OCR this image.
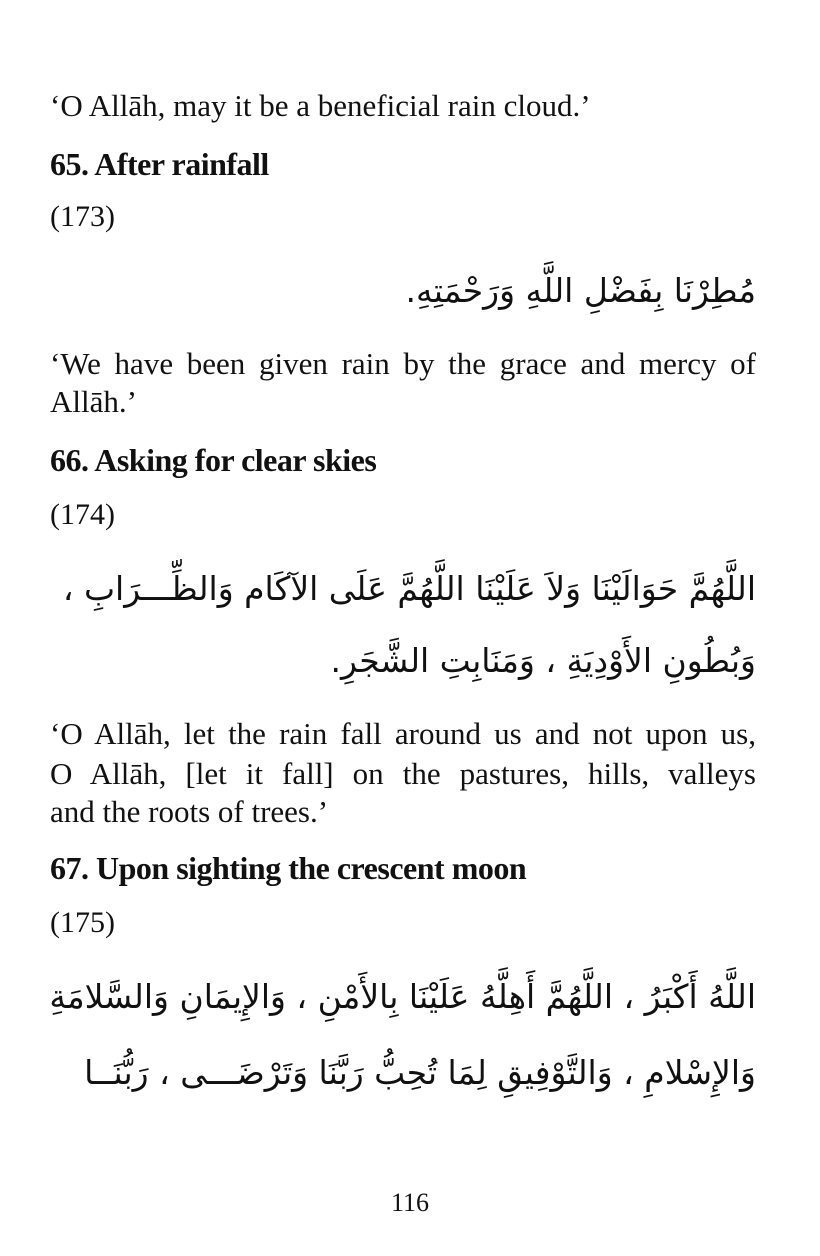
‘O Allāh, may it be a beneficial rain cloud.’

65. After rainfall

(173)

مُطِرْنَا بِفَضْلِ اللَّهِ وَرَحْمَتِهِ.

‘We have been given rain by the grace and mercy of

Allāh.’

66. Asking for clear skies

(174)

اللَّهُمَّ حَوَالَيْنَا وَلاَ عَلَيْنَا اللَّهُمَّ عَلَى الآكَام وَالظِّـــرَابِ ،

وَبُطُونِ الأَوْدِيَةِ ، وَمَنَابِتِ الشَّجَرِ.

‘O Allāh, let the rain fall around us and not upon us,

O Allāh, [let it fall] on the pastures, hills, valleys

and the roots of trees.’

67. Upon sighting the crescent moon

(175)

اللَّهُ أَكْبَرُ ، اللَّهُمَّ أَهِلَّهُ عَلَيْنَا بِالأَمْنِ ، وَالإِيمَانِ وَالسَّلامَةِ

وَالإِسْلامِ ، وَالتَّوْفِيقِ لِمَا تُحِبُّ رَبَّنَا وَتَرْضَـــى ، رَبُّنَــا

116
